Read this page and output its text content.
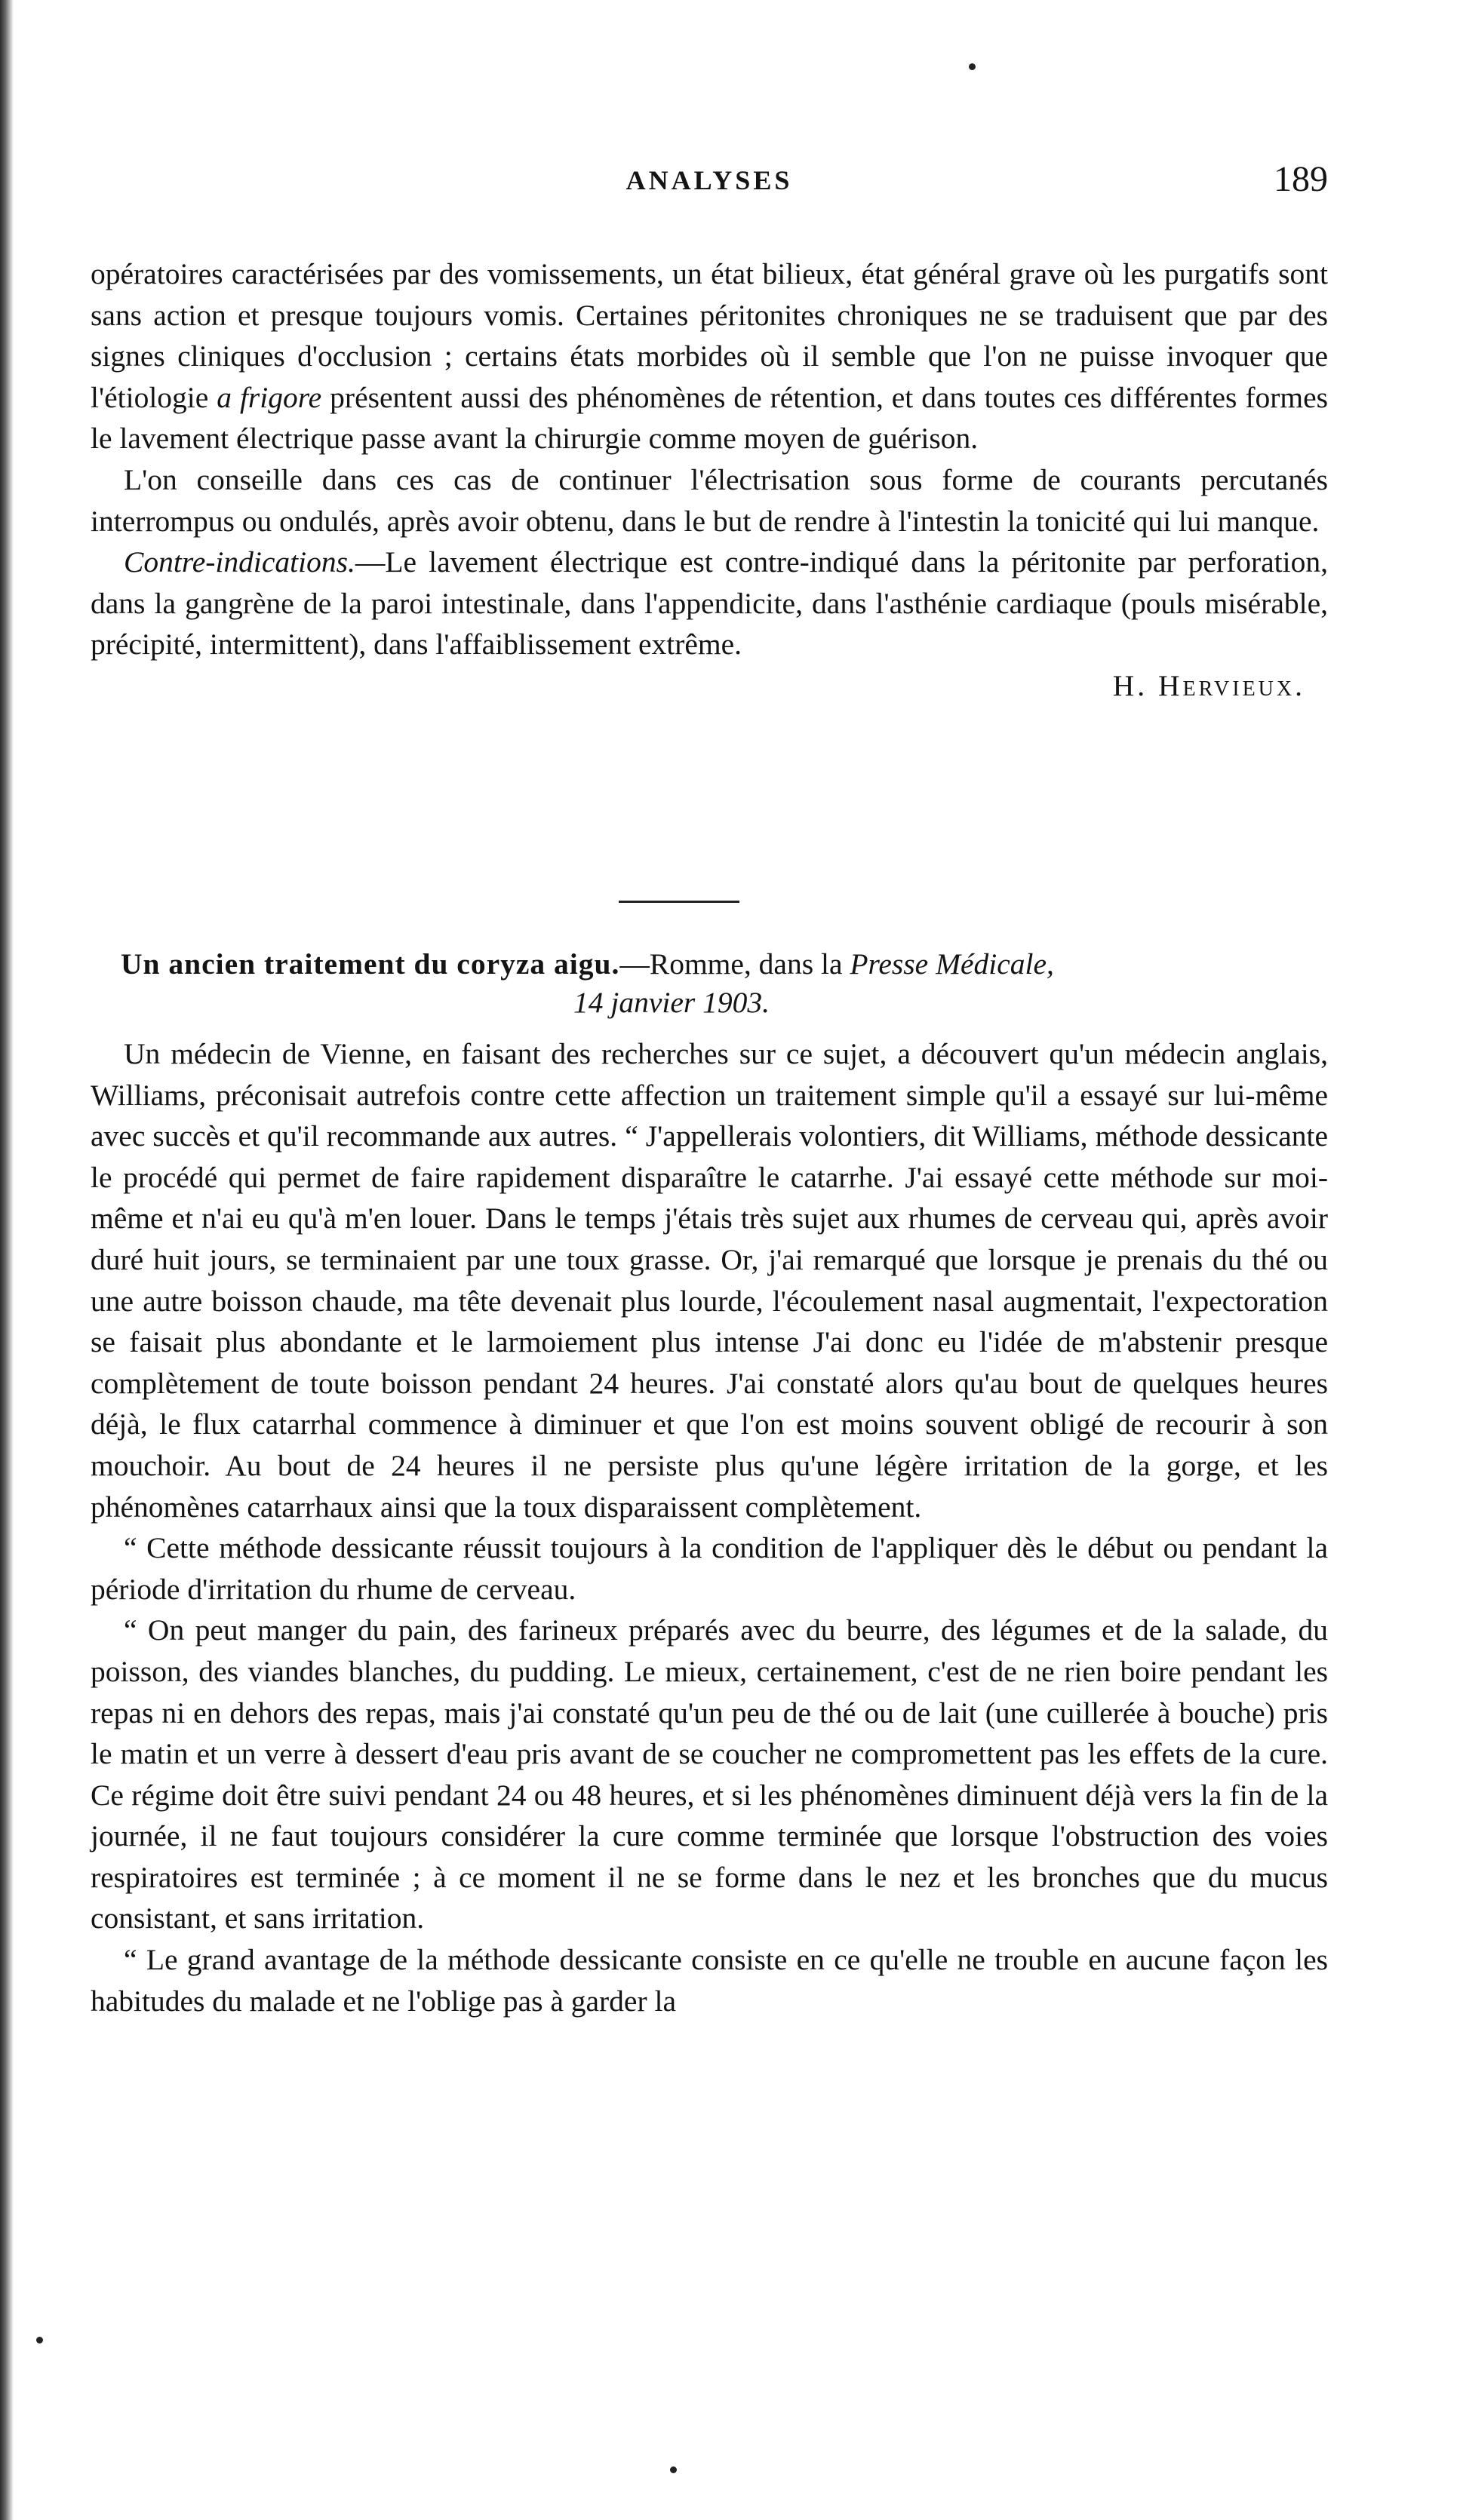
ANALYSES	189

opératoires caractérisées par des vomissements, un état bilieux, état général grave où les purgatifs sont sans action et presque toujours vomis. Certaines péritonites chroniques ne se traduisent que par des signes cliniques d'occlusion ; certains états morbides où il semble que l'on ne puisse invoquer que l'étiologie a frigore présentent aussi des phénomènes de rétention, et dans toutes ces différentes formes le lavement électrique passe avant la chirurgie comme moyen de guérison.

L'on conseille dans ces cas de continuer l'électrisation sous forme de courants percutanés interrompus ou ondulés, après avoir obtenu, dans le but de rendre à l'intestin la tonicité qui lui manque.

Contre-indications.—Le lavement électrique est contre-indiqué dans la péritonite par perforation, dans la gangrène de la paroi intestinale, dans l'appendicite, dans l'asthénie cardiaque (pouls misérable, précipité, intermittent), dans l'affaiblissement extrême.

H. Hervieux.

Un ancien traitement du coryza aigu.—Romme, dans la Presse Médicale,
14 janvier 1903.

Un médecin de Vienne, en faisant des recherches sur ce sujet, a découvert qu'un médecin anglais, Williams, préconisait autrefois contre cette affection un traitement simple qu'il a essayé sur lui-même avec succès et qu'il recommande aux autres. “ J'appellerais volontiers, dit Williams, méthode dessicante le procédé qui permet de faire rapidement disparaître le catarrhe. J'ai essayé cette méthode sur moi-même et n'ai eu qu'à m'en louer. Dans le temps j'étais très sujet aux rhumes de cerveau qui, après avoir duré huit jours, se terminaient par une toux grasse. Or, j'ai remarqué que lorsque je prenais du thé ou une autre boisson chaude, ma tête devenait plus lourde, l'écoulement nasal augmentait, l'expectoration se faisait plus abondante et le larmoiement plus intense J'ai donc eu l'idée de m'abstenir presque complètement de toute boisson pendant 24 heures. J'ai constaté alors qu'au bout de quelques heures déjà, le flux catarrhal commence à diminuer et que l'on est moins souvent obligé de recourir à son mouchoir. Au bout de 24 heures il ne persiste plus qu'une légère irritation de la gorge, et les phénomènes catarrhaux ainsi que la toux disparaissent complètement.

“ Cette méthode dessicante réussit toujours à la condition de l'appliquer dès le début ou pendant la période d'irritation du rhume de cerveau.

“ On peut manger du pain, des farineux préparés avec du beurre, des légumes et de la salade, du poisson, des viandes blanches, du pudding. Le mieux, certainement, c'est de ne rien boire pendant les repas ni en dehors des repas, mais j'ai constaté qu'un peu de thé ou de lait (une cuillerée à bouche) pris le matin et un verre à dessert d'eau pris avant de se coucher ne compromettent pas les effets de la cure. Ce régime doit être suivi pendant 24 ou 48 heures, et si les phénomènes diminuent déjà vers la fin de la journée, il ne faut toujours considérer la cure comme terminée que lorsque l'obstruction des voies respiratoires est terminée ; à ce moment il ne se forme dans le nez et les bronches que du mucus consistant, et sans irritation.

“ Le grand avantage de la méthode dessicante consiste en ce qu'elle ne trouble en aucune façon les habitudes du malade et ne l'oblige pas à garder la
